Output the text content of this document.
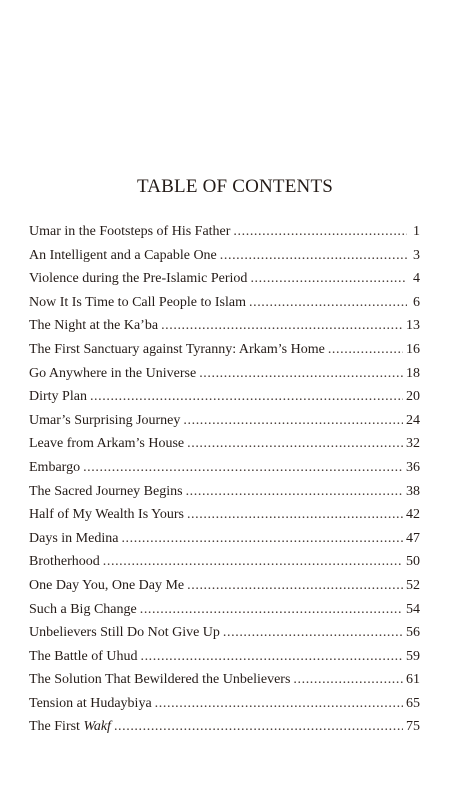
TABLE OF CONTENTS
Umar in the Footsteps of His Father .....	1
An Intelligent and a Capable One .....	3
Violence during the Pre-Islamic Period .....	4
Now It Is Time to Call People to Islam .....	6
The Night at the Ka’ba .....	13
The First Sanctuary against Tyranny: Arkam’s Home .....	16
Go Anywhere in the Universe .....	18
Dirty Plan .....	20
Umar’s Surprising Journey .....	24
Leave from Arkam’s House .....	32
Embargo .....	36
The Sacred Journey Begins .....	38
Half of My Wealth Is Yours .....	42
Days in Medina .....	47
Brotherhood .....	50
One Day You, One Day Me .....	52
Such a Big Change .....	54
Unbelievers Still Do Not Give Up .....	56
The Battle of Uhud .....	59
The Solution That Bewildered the Unbelievers .....	61
Tension at Hudaybiya .....	65
The First Wakf .....	75
